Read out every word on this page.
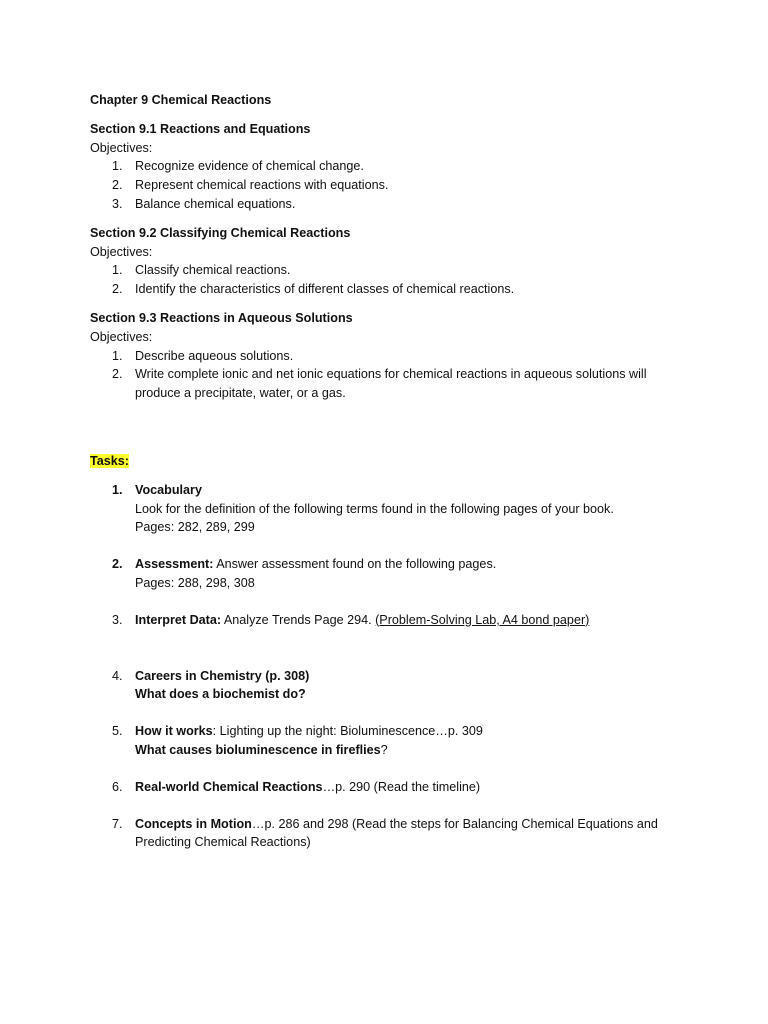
Chapter 9 Chemical Reactions
Section 9.1 Reactions and Equations
Objectives:
1. Recognize evidence of chemical change.
2. Represent chemical reactions with equations.
3. Balance chemical equations.
Section 9.2 Classifying Chemical Reactions
Objectives:
1. Classify chemical reactions.
2. Identify the characteristics of different classes of chemical reactions.
Section 9.3 Reactions in Aqueous Solutions
Objectives:
1. Describe aqueous solutions.
2. Write complete ionic and net ionic equations for chemical reactions in aqueous solutions will produce a precipitate, water, or a gas.
Tasks:
1. Vocabulary
Look for the definition of the following terms found in the following pages of your book.
Pages: 282, 289, 299
2. Assessment: Answer assessment found on the following pages.
Pages: 288, 298, 308
3. Interpret Data: Analyze Trends Page 294. (Problem-Solving Lab, A4 bond paper)
4. Careers in Chemistry (p. 308)
What does a biochemist do?
5. How it works: Lighting up the night: Bioluminescence…p. 309
What causes bioluminescence in fireflies?
6. Real-world Chemical Reactions…p. 290 (Read the timeline)
7. Concepts in Motion…p. 286 and 298 (Read the steps for Balancing Chemical Equations and Predicting Chemical Reactions)
